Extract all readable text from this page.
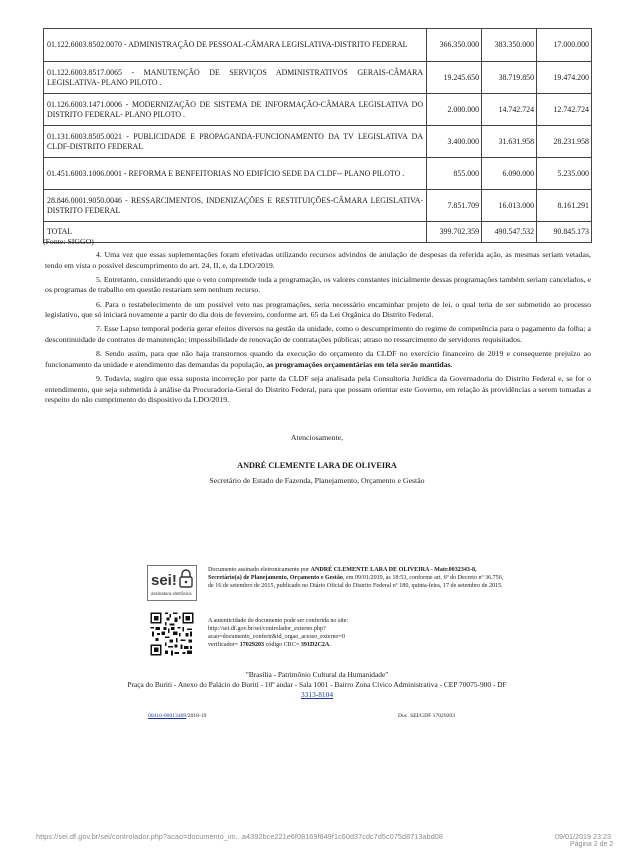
01.122.6003.8502.0070 - ADMINISTRAÇÃO DE PESSOAL-CÂMARA LEGISLATIVA-DISTRITO FEDERAL	366.350.000	383.350.000	17.000.000
01.122.6003.8517.0065 - MANUTENÇÃO DE SERVIÇOS ADMINISTRATIVOS GERAIS-CÂMARA LEGISLATIVA- PLANO PILOTO .	19.245.650	38.719.850	19.474.200
01.126.6003.1471.0006 - MODERNIZAÇÃO DE SISTEMA DE INFORMAÇÃO-CÂMARA LEGISLATIVA DO DISTRITO FEDERAL- PLANO PILOTO .	2.000.000	14.742.724	12.742.724
01.131.6003.8505.0021 - PUBLICIDADE E PROPAGANDA-FUNCIONAMENTO DA TV LEGISLATIVA DA CLDF-DISTRITO FEDERAL	3.400.000	31.631.958	28.231.958
01.451.6003.1006.0001 - REFORMA E BENFEITORIAS NO EDIFÍCIO SEDE DA CLDF-- PLANO PILOTO .	855.000	6.090.000	5.235.000
28.846.0001.9050.0046 - RESSARCIMENTOS, INDENIZAÇÕES E RESTITUIÇÕES-CÂMARA LEGISLATIVA-DISTRITO FEDERAL	7.851.709	16.013.000	8.161.291
TOTAL	399.702.359	490.547.532	90.845.173
(Fonte: SIGGO)

4. Uma vez que essas suplementações foram efetivadas utilizando recursos advindos de anulação de despesas da referida ação, as mesmas seriam vetadas, tendo em vista o possível descumprimento do art. 24, II, e, da LDO/2019.

5. Entretanto, considerando que o veto compreende toda a programação, os valores constantes inicialmente dessas programações também seriam cancelados, e os programas de trabalho em questão restariam sem nenhum recurso.

6. Para o restabelecimento de um possível veto nas programações, seria necessário encaminhar projeto de lei, o qual teria de ser submetido ao processo legislativo, que só iniciará novamente a partir do dia dois de fevereiro, conforme art. 65 da Lei Orgânica do Distrito Federal.

7. Esse Lapso temporal poderia gerar efeitos diversos na gestão da unidade, como o descumprimento do regime de competência para o pagamento da folha; a descontinuidade de contratos de manutenção; impossibilidade de renovação de contratações públicas; atraso no ressarcimento de servidores requisitados.

8. Sendo assim, para que não haja transtornos quando da execução do orçamento da CLDF no exercício financeiro de 2019 e consequente prejuízo ao funcionamento da unidade e atendimento das demandas da população, as programações orçamentárias em tela serão mantidas.

9. Todavia, sugiro que essa suposta incorreção por parte da CLDF seja analisada pela Consultoria Jurídica da Governadoria do Distrito Federal e, se for o entendimento, que seja submetida à análise da Procuradoria-Geral do Distrito Federal, para que possam orientar este Governo, em relação às providências a serem tomadas a respeito do não cumprimento do dispositivo da LDO/2019.

Atenciosamente,
ANDRÉ CLEMENTE LARA DE OLIVEIRA
Secretário de Estado de Fazenda, Planejamento, Orçamento e Gestão
sei!
assinatura eletrônica
Documento assinado eletronicamente por ANDRÉ CLEMENTE LARA DE OLIVEIRA - Matr.0032343-8, Secretário(a) de Planejamento, Orçamento e Gestão, em 09/01/2019, às 18:53, conforme art. 6º do Decreto nº 36.756, de 16 de setembro de 2015, publicado no Diário Oficial do Distrito Federal nº 180, quinta-feira, 17 de setembro de 2015.
A autenticidade do documento pode ser conferida no site:
http://sei.df.gov.br/sei/controlador_externo.php?
acao=documento_conferir&id_orgao_acesso_externo=0
verificador= 17029203 código CRC= 391D2C2A.
"Brasília - Patrimônio Cultural da Humanidade"
Praça do Buriti - Anexo do Palácio do Buriti - 10º andar - Sala 1001 - Bairro Zona Cívico Administrativa - CEP 70075-900 - DF
3313-8104
00410-00013409/2018-19	Doc. SEI/GDF 17029203
https://sei.df.gov.br/sei/controlador.php?acao=documento_im...a4392bce221e6f08169f849f1c60d37cdc7d5c075d8713abd08	09/01/2019 23:23
Página 2 de 2
